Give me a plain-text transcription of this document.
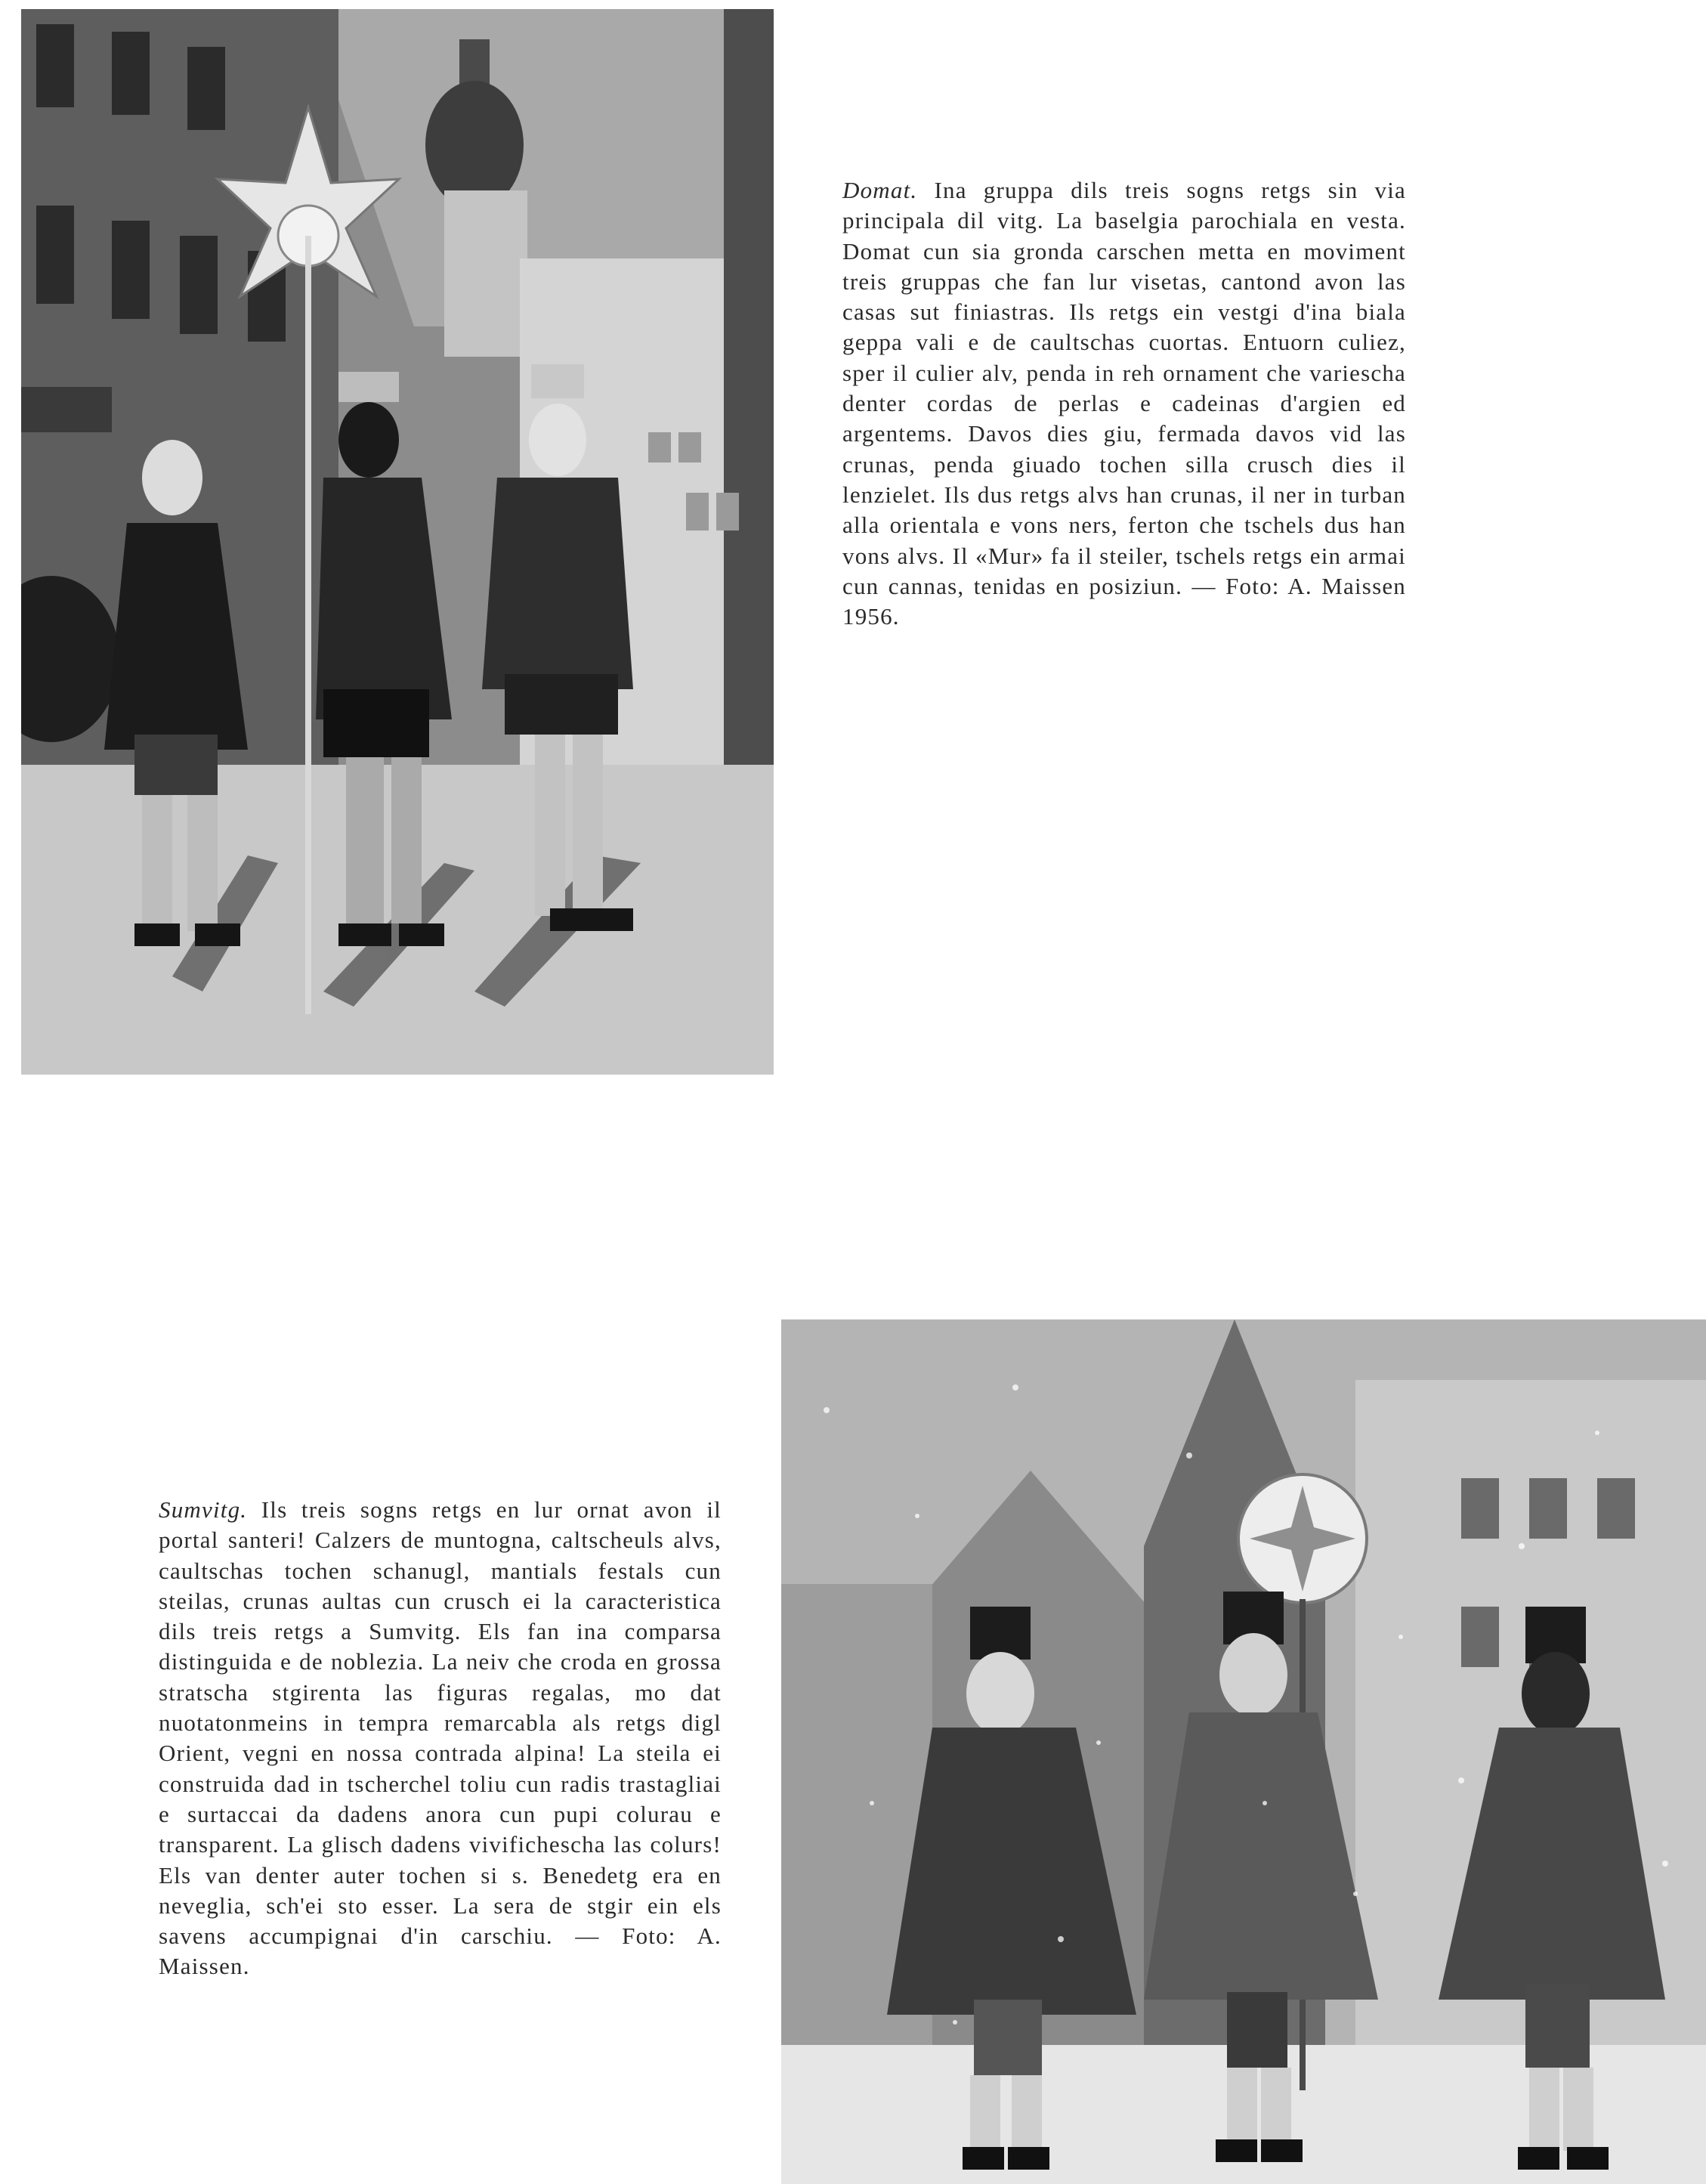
Domat. Ina gruppa dils treis sogns retgs sin via principala dil vitg. La baselgia parochiala en vesta. Domat cun sia gronda carschen metta en moviment treis gruppas che fan lur visetas, cantond avon las casas sut finiastras. Ils retgs ein vestgi d'ina biala geppa vali e de caultschas cuortas. Entuorn culiez, sper il culier alv, penda in reh ornament che variescha denter cordas de perlas e cadeinas d'argien ed argentems. Davos dies giu, fermada davos vid las crunas, penda giuado tochen silla crusch dies il lenzielet. Ils dus retgs alvs han crunas, il ner in turban alla orientala e vons ners, ferton che tschels dus han vons alvs. Il «Mur» fa il steiler, tschels retgs ein armai cun cannas, tenidas en posiziun. — Foto: A. Maissen 1956.
Sumvitg. Ils treis sogns retgs en lur ornat avon il portal santeri! Calzers de muntogna, caltscheuls alvs, caultschas tochen schanugl, mantials festals cun steilas, crunas aultas cun crusch ei la caracteristica dils treis retgs a Sumvitg. Els fan ina comparsa distinguida e de noblezia. La neiv che croda en grossa stratscha stgirenta las figuras regalas, mo dat nuotatonmeins in tempra remarcabla als retgs digl Orient, vegni en nossa contrada alpina! La steila ei construida dad in tscherchel toliu cun radis trastagliai e surtaccai da dadens anora cun pupi colurau e transparent. La glisch dadens vivifichescha las colurs! Els van denter auter tochen si s. Benedetg era en neveglia, sch'ei sto esser. La sera de stgir ein els savens accumpignai d'in carschiu. — Foto: A. Maissen.
